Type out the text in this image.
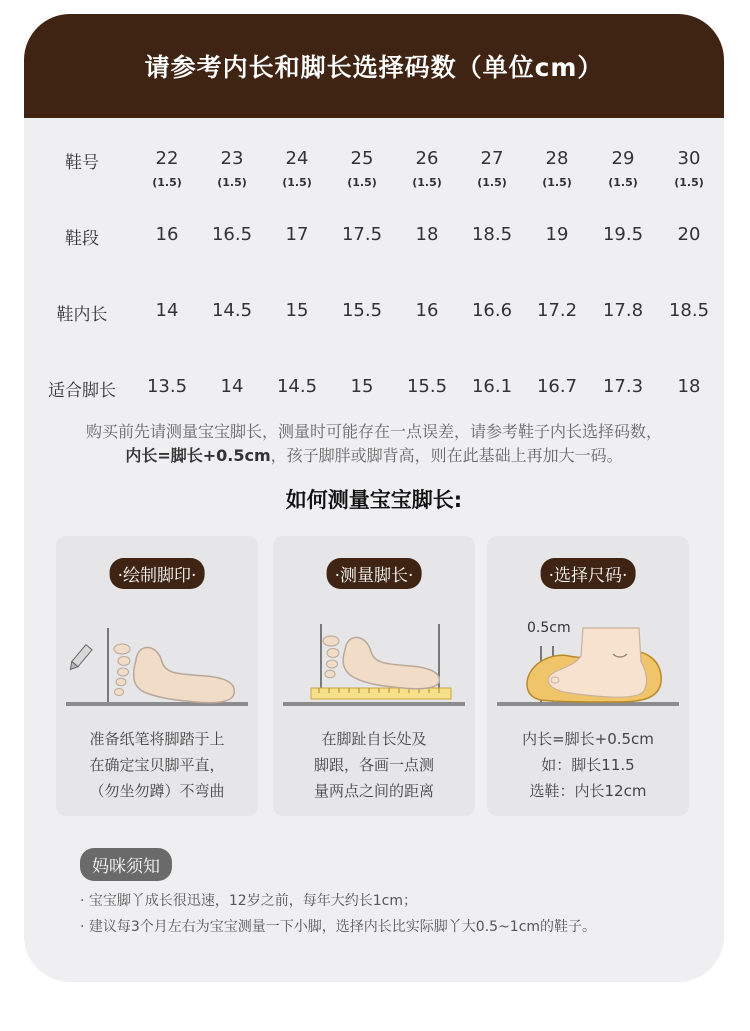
请参考内长和脚长选择码数（单位cm）
鞋号	22	23	24	25	26	27	28	29	30
(1.5)	(1.5)	(1.5)	(1.5)	(1.5)	(1.5)	(1.5)	(1.5)	(1.5)
鞋段	16	16.5	17	17.5	18	18.5	19	19.5	20
鞋内长	14	14.5	15	15.5	16	16.6	17.2	17.8	18.5
适合脚长	13.5	14	14.5	15	15.5	16.1	16.7	17.3	18
购买前先请测量宝宝脚长，测量时可能存在一点误差，请参考鞋子内长选择码数，
内长=脚长+0.5cm，孩子脚胖或脚背高，则在此基础上再加大一码。
如何测量宝宝脚长:
·绘制脚印·
准备纸笔将脚踏于上
在确定宝贝脚平直，
（勿坐勿蹲）不弯曲
·测量脚长·
在脚趾自长处及
脚跟，各画一点测
量两点之间的距离
·选择尺码·
0.5cm
内长=脚长+0.5cm
如：脚长11.5
选鞋：内长12cm
妈咪须知
· 宝宝脚丫成长很迅速，12岁之前，每年大约长1cm；
· 建议每3个月左右为宝宝测量一下小脚，选择内长比实际脚丫大0.5~1cm的鞋子。
